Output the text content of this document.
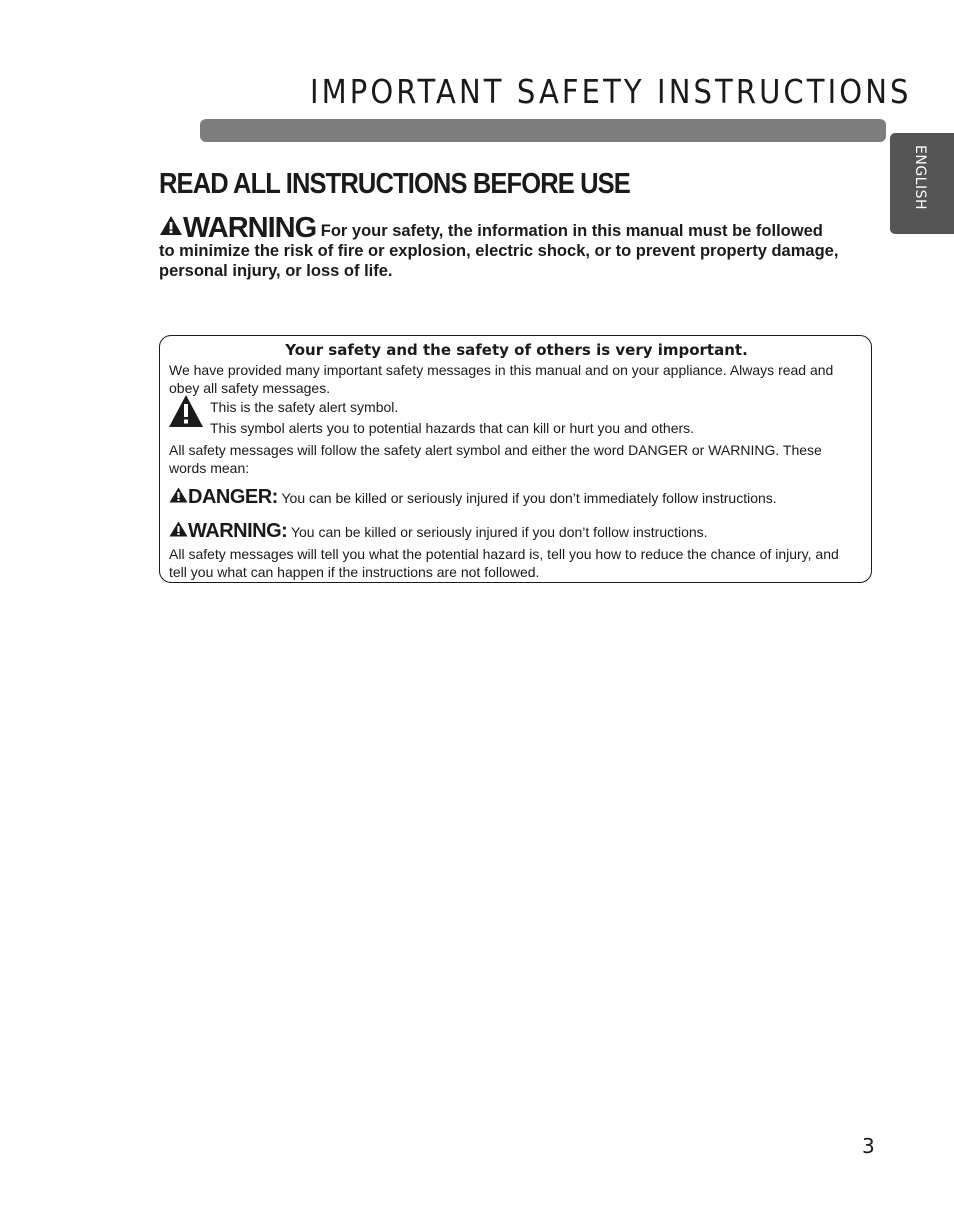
IMPORTANT SAFETY INSTRUCTIONS
ENGLISH
READ ALL INSTRUCTIONS BEFORE USE
WARNING For your safety, the information in this manual must be followed to minimize the risk of fire or explosion, electric shock, or to prevent property damage, personal injury, or loss of life.
Your safety and the safety of others is very important.
We have provided many important safety messages in this manual and on your appliance. Always read and obey all safety messages.
This is the safety alert symbol.
This symbol alerts you to potential hazards that can kill or hurt you and others.
All safety messages will follow the safety alert symbol and either the word DANGER or WARNING. These words mean:
DANGER: You can be killed or seriously injured if you don’t immediately follow instructions.
WARNING: You can be killed or seriously injured if you don’t follow instructions.
All safety messages will tell you what the potential hazard is, tell you how to reduce the chance of injury, and tell you what can happen if the instructions are not followed.
3
